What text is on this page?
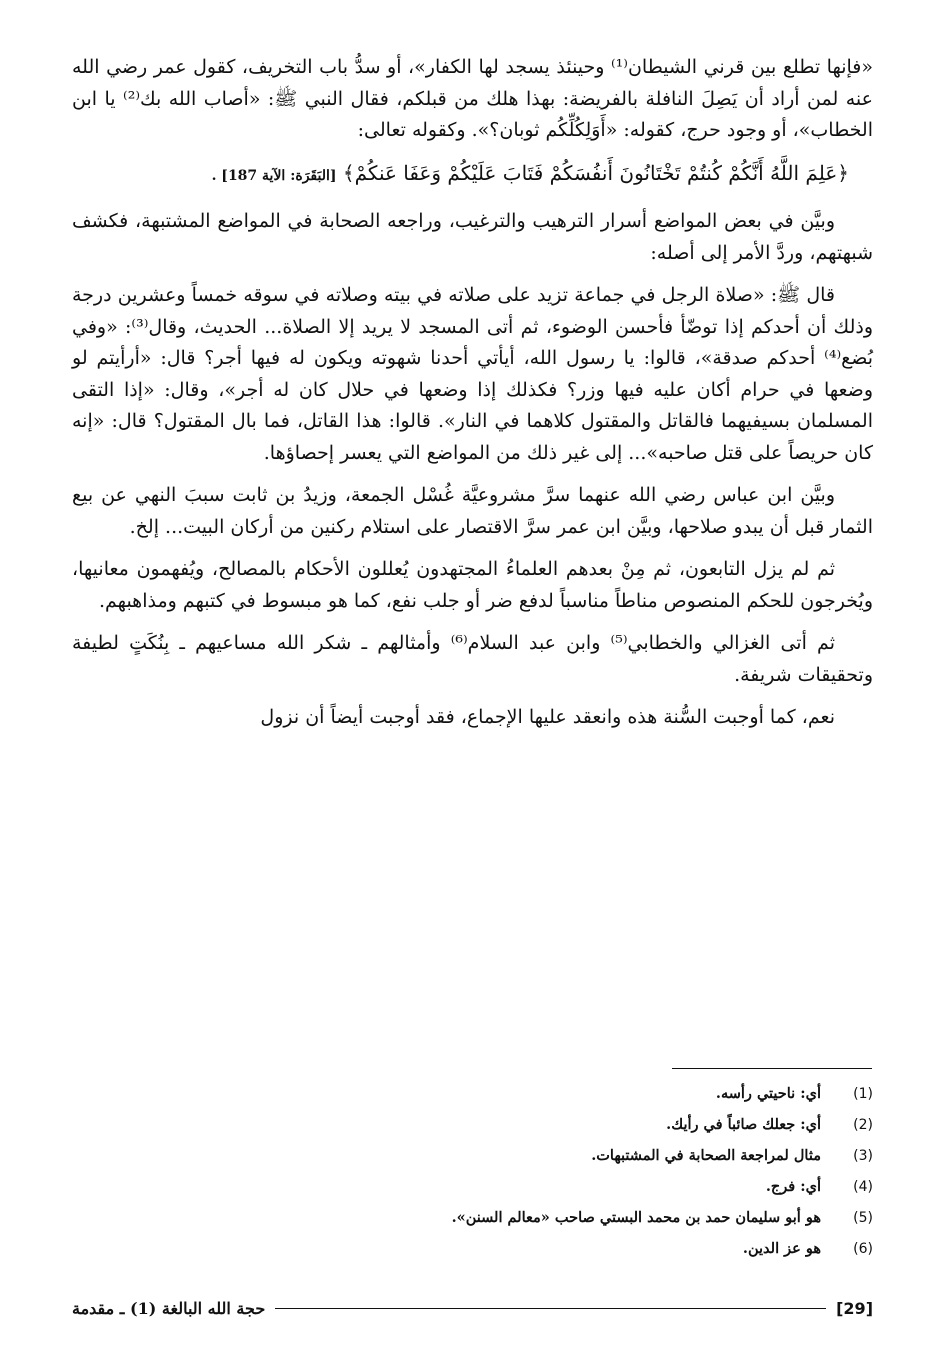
«فإنها تطلع بين قرني الشيطان⁽¹⁾ وحينئذ يسجد لها الكفار»، أو سدُّ باب التخريف، كقول عمر رضي الله عنه لمن أراد أن يَصِلَ النافلة بالفريضة: بهذا هلك من قبلكم، فقال النبي ﷺ: «أصاب الله بك⁽²⁾ يا ابن الخطاب»، أو وجود حرج، كقوله: «أَوَلِكُلِّكُم ثوبان؟». وكقوله تعالى:
﴿عَلِمَ اللَّهُ أَنَّكُمْ كُنتُمْ تَخْتَانُونَ أَنفُسَكُمْ فَتَابَ عَلَيْكُمْ وَعَفَا عَنكُمْ﴾ [البَقَرَة: الآية 187] .
وبيَّن في بعض المواضع أسرار الترهيب والترغيب، وراجعه الصحابة في المواضع المشتبهة، فكشف شبهتهم، وردَّ الأمر إلى أصله:
قال ﷺ: «صلاة الرجل في جماعة تزيد على صلاته في بيته وصلاته في سوقه خمساً وعشرين درجة وذلك أن أحدكم إذا توضّأ فأحسن الوضوء، ثم أتى المسجد لا يريد إلا الصلاة... الحديث، وقال⁽³⁾: «وفي بُضع⁽⁴⁾ أحدكم صدقة»، قالوا: يا رسول الله، أيأتي أحدنا شهوته ويكون له فيها أجر؟ قال: «أرأيتم لو وضعها في حرام أكان عليه فيها وزر؟ فكذلك إذا وضعها في حلال كان له أجر»، وقال: «إذا التقى المسلمان بسيفيهما فالقاتل والمقتول كلاهما في النار». قالوا: هذا القاتل، فما بال المقتول؟ قال: «إنه كان حريصاً على قتل صاحبه»... إلى غير ذلك من المواضع التي يعسر إحصاؤها.
وبيَّن ابن عباس رضي الله عنهما سرَّ مشروعيَّة غُسْل الجمعة، وزيدُ بن ثابت سببَ النهي عن بيع الثمار قبل أن يبدو صلاحها، وبيَّن ابن عمر سرَّ الاقتصار على استلام ركنين من أركان البيت... إلخ.
ثم لم يزل التابعون، ثم مِنْ بعدهم العلماءُ المجتهدون يُعللون الأحكام بالمصالح، ويُفهمون معانيها، ويُخرجون للحكم المنصوص مناطاً مناسباً لدفع ضر أو جلب نفع، كما هو مبسوط في كتبهم ومذاهبهم.
ثم أتى الغزالي والخطابي⁽⁵⁾ وابن عبد السلام⁽⁶⁾ وأمثالهم ـ شكر الله مساعيهم ـ بِنُكَتٍ لطيفة وتحقيقات شريفة.
نعم، كما أوجبت السُّنة هذه وانعقد عليها الإجماع، فقد أوجبت أيضاً أن نزول
(1)
أي: ناحيتي رأسه.
(2)
أي: جعلك صائباً في رأيك.
(3)
مثال لمراجعة الصحابة في المشتبهات.
(4)
أي: فرج.
(5)
هو أبو سليمان حمد بن محمد البستي صاحب «معالم السنن».
(6)
هو عز الدين.
[29]
حجة الله البالغة (1) ـ مقدمة
